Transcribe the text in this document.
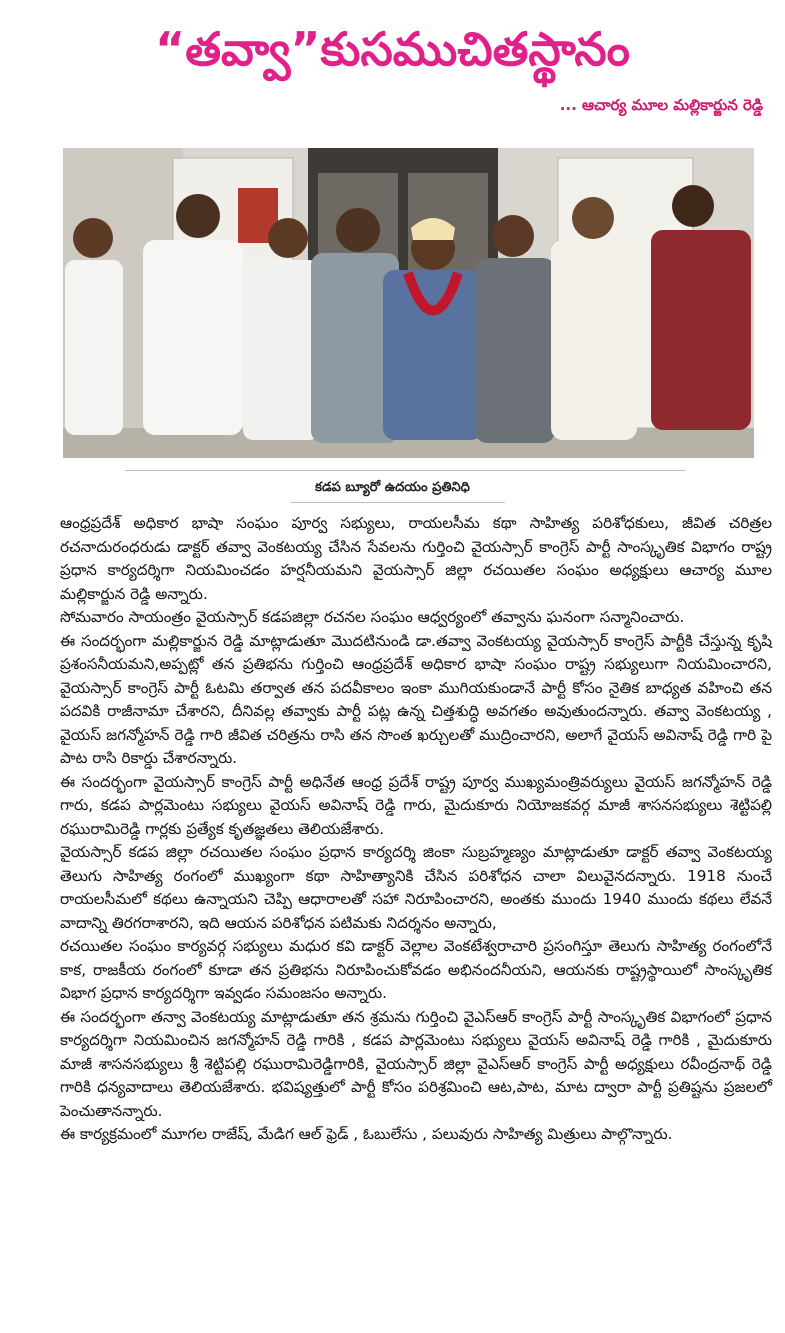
“తవ్వా”కుసముచితస్థానం
... ఆచార్య మూల మల్లికార్జున రెడ్డి
కడప బ్యూరో ఉదయం ప్రతినిధి

ఆంధ్రప్రదేశ్ అధికార భాషా సంఘం పూర్వ సభ్యులు, రాయలసీమ కథా సాహిత్య పరిశోధకులు, జీవిత చరిత్రల రచనాదురంధరుడు డాక్టర్ తవ్వా వెంకటయ్య చేసిన సేవలను గుర్తించి వైయస్సార్ కాంగ్రెస్ పార్టీ సాంస్కృతిక విభాగం రాష్ట్ర ప్రధాన కార్యదర్శిగా నియమించడం హర్షనీయమని వైయస్సార్ జిల్లా రచయితల సంఘం అధ్యక్షులు ఆచార్య మూల మల్లికార్జున రెడ్డి అన్నారు.

సోమవారం సాయంత్రం వైయస్సార్ కడపజిల్లా రచనల సంఘం ఆధ్వర్యంలో తవ్వాను ఘనంగా సన్మానించారు.

ఈ సందర్భంగా మల్లికార్జున రెడ్డి మాట్లాడుతూ మొదటినుండి డా.తవ్వా వెంకటయ్య వైయస్సార్ కాంగ్రెస్ పార్టీకి చేస్తున్న కృషి ప్రశంసనీయమని,అప్పట్లో తన ప్రతిభను గుర్తించి ఆంధ్రప్రదేశ్ అధికార భాషా సంఘం రాష్ట్ర సభ్యులుగా నియమించారని, వైయస్సార్ కాంగ్రెస్ పార్టీ ఓటమి తర్వాత తన పదవీకాలం ఇంకా ముగియకుండానే పార్టీ కోసం నైతిక బాధ్యత వహించి తన పదవికి రాజీనామా చేశారని, దీనివల్ల తవ్వాకు పార్టీ పట్ల ఉన్న చిత్తశుద్ధి అవగతం అవుతుందన్నారు. తవ్వా వెంకటయ్య , వైయస్ జగన్మోహన్ రెడ్డి గారి జీవిత చరిత్రను రాసి తన సొంత ఖర్చులతో ముద్రించారని, అలాగే వైయస్ అవినాష్ రెడ్డి గారి పై పాట రాసి రికార్డు చేశారన్నారు.

ఈ సందర్భంగా వైయస్సార్ కాంగ్రెస్ పార్టీ అధినేత ఆంధ్ర ప్రదేశ్ రాష్ట్ర పూర్వ ముఖ్యమంత్రివర్యులు వైయస్ జగన్మోహన్ రెడ్డి గారు, కడప పార్లమెంటు సభ్యులు వైయస్ అవినాష్ రెడ్డి గారు, మైదుకూరు నియోజకవర్గ మాజీ శాసనసభ్యులు శెట్టిపల్లి రఘురామిరెడ్డి గార్లకు ప్రత్యేక కృతజ్ఞతలు తెలియజేశారు.

వైయస్సార్ కడప జిల్లా రచయితల సంఘం ప్రధాన కార్యదర్శి జింకా సుబ్రహ్మణ్యం మాట్లాడుతూ డాక్టర్ తవ్వా వెంకటయ్య తెలుగు సాహిత్య రంగంలో ముఖ్యంగా కథా సాహిత్యానికి చేసిన పరిశోధన చాలా విలువైనదన్నారు. 1918 నుంచే రాయలసీమలో కథలు ఉన్నాయని చెప్పి ఆధారాలతో సహా నిరూపించారని, అంతకు ముందు 1940 ముందు కథలు లేవనే వాదాన్ని తిరగరాశారని, ఇది ఆయన పరిశోధన పటిమకు నిదర్శనం అన్నారు,

రచయితల సంఘం కార్యవర్గ సభ్యులు మధుర కవి డాక్టర్ వెల్లాల వెంకటేశ్వరాచారి ప్రసంగిస్తూ తెలుగు సాహిత్య రంగంలోనే కాక, రాజకీయ రంగంలో కూడా తన ప్రతిభను నిరూపించుకోవడం అభినందనీయని, ఆయనకు రాష్ట్రస్థాయిలో సాంస్కృతిక విభాగ ప్రధాన కార్యదర్శిగా ఇవ్వడం సమంజసం అన్నారు.

ఈ సందర్భంగా తన్వా వెంకటయ్య మాట్లాడుతూ తన శ్రమను గుర్తించి వైఎస్ఆర్ కాంగ్రెస్ పార్టీ సాంస్కృతిక విభాగంలో ప్రధాన కార్యదర్శిగా నియమించిన జగన్మోహన్ రెడ్డి గారికి , కడప పార్లమెంటు సభ్యులు వైయస్ అవినాష్ రెడ్డి గారికి , మైదుకూరు మాజీ శాసనసభ్యులు శ్రీ శెట్టిపల్లి రఘురామిరెడ్డిగారికి, వైయస్సార్ జిల్లా వైఎస్ఆర్ కాంగ్రెస్ పార్టీ అధ్యక్షులు రవీంద్రనాథ్ రెడ్డి గారికి ధన్యవాదాలు తెలియజేశారు. భవిష్యత్తులో పార్టీ కోసం పరిశ్రమించి ఆట,పాట, మాట ద్వారా పార్టీ ప్రతిష్టను ప్రజలలో పెంచుతానన్నారు.

ఈ కార్యక్రమంలో మూగల రాజేష్, మేడిగ ఆల్ ఫ్రెడ్ , ఓబులేసు , పలువురు సాహిత్య మిత్రులు పాల్గొన్నారు.
